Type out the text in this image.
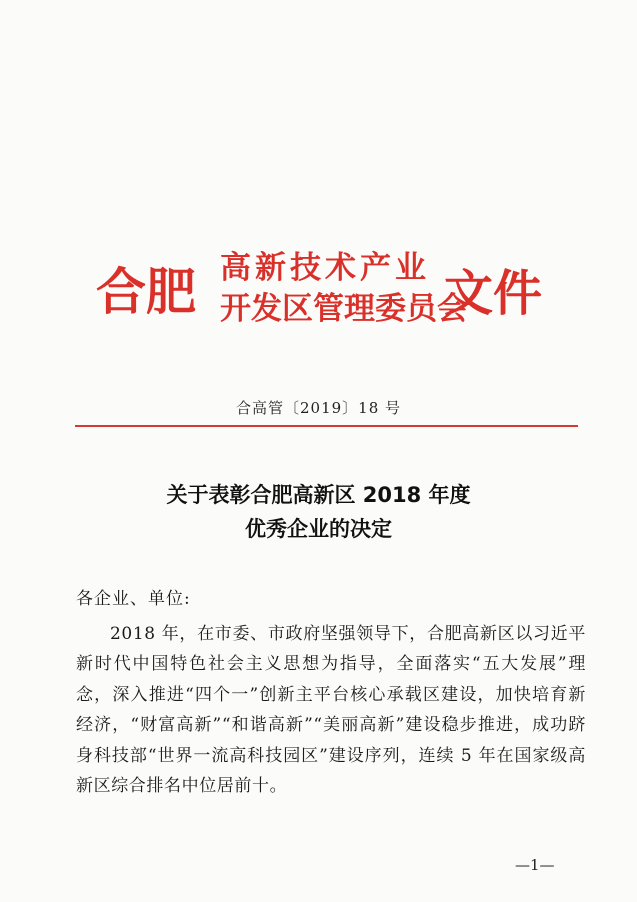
合肥 高新技术产业
开发区管理委员会
文件
合高管〔2019〕18 号
关于表彰合肥高新区 2018 年度
优秀企业的决定
各企业、单位:
2018 年，在市委、市政府坚强领导下，合肥高新区以习近平新时代中国特色社会主义思想为指导，全面落实“五大发展”理念，深入推进“四个一”创新主平台核心承载区建设，加快培育新经济，“财富高新”“和谐高新”“美丽高新”建设稳步推进，成功跻身科技部“世界一流高科技园区”建设序列，连续 5 年在国家级高新区综合排名中位居前十。
—1—
